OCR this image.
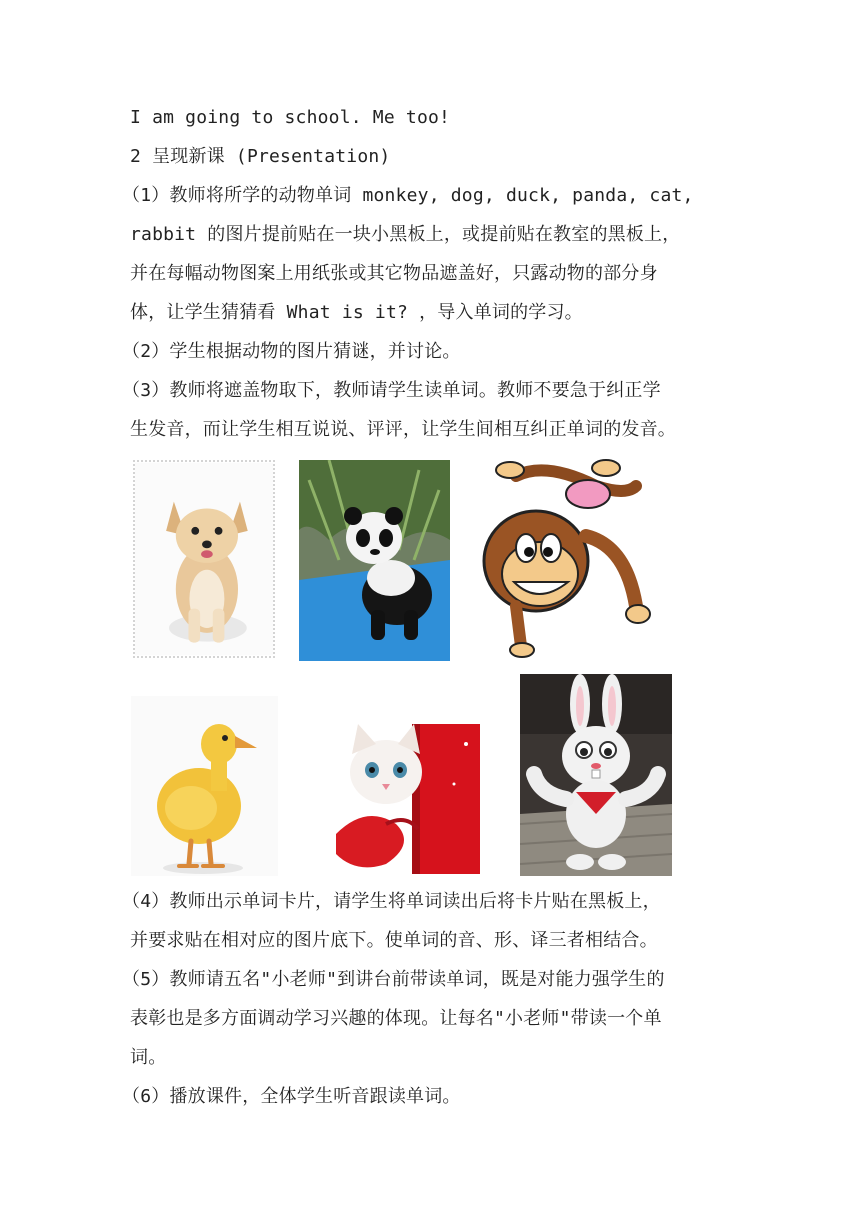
I am going to school. Me too!
2 呈现新课 (Presentation)
（1）教师将所学的动物单词 monkey, dog, duck, panda, cat,
rabbit 的图片提前贴在一块小黑板上，或提前贴在教室的黑板上，
并在每幅动物图案上用纸张或其它物品遮盖好，只露动物的部分身
体，让学生猜猜看 What is it? ，导入单词的学习。
（2）学生根据动物的图片猜谜，并讨论。
（3）教师将遮盖物取下，教师请学生读单词。教师不要急于纠正学
生发音，而让学生相互说说、评评，让学生间相互纠正单词的发音。
（4）教师出示单词卡片，请学生将单词读出后将卡片贴在黑板上，
并要求贴在相对应的图片底下。使单词的音、形、译三者相结合。
（5）教师请五名"小老师"到讲台前带读单词，既是对能力强学生的
表彰也是多方面调动学习兴趣的体现。让每名"小老师"带读一个单
词。
（6）播放课件，全体学生听音跟读单词。
